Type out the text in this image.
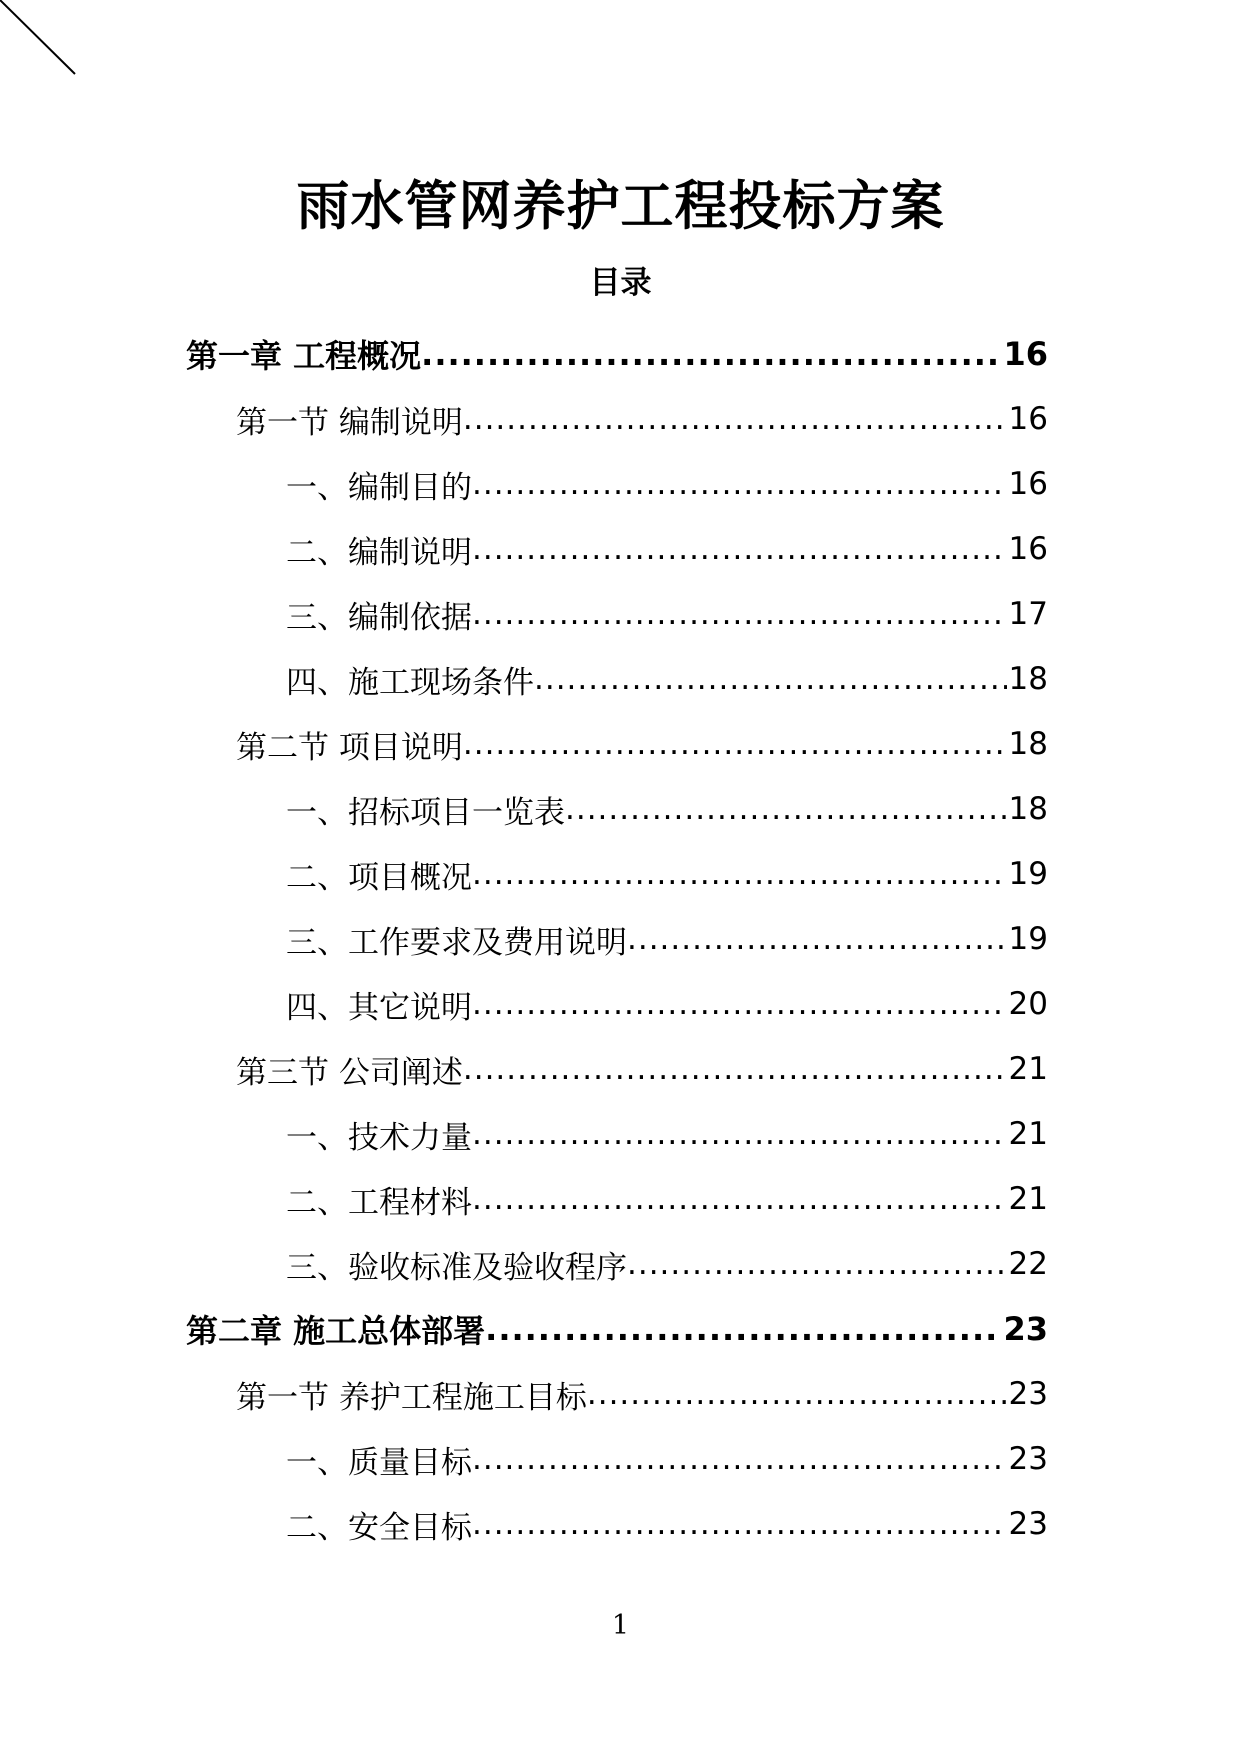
雨水管网养护工程投标方案
目录
第一章 工程概况 .....	16
第一节 编制说明 .....	16
一、编制目的 .....	16
二、编制说明 .....	16
三、编制依据 .....	17
四、施工现场条件 .....	18
第二节 项目说明 .....	18
一、招标项目一览表 .....	18
二、项目概况 .....	19
三、工作要求及费用说明 .....	19
四、其它说明 .....	20
第三节 公司阐述 .....	21
一、技术力量 .....	21
二、工程材料 .....	21
三、验收标准及验收程序 .....	22
第二章 施工总体部署 .....	23
第一节 养护工程施工目标 .....	23
一、质量目标 .....	23
二、安全目标 .....	23
1
